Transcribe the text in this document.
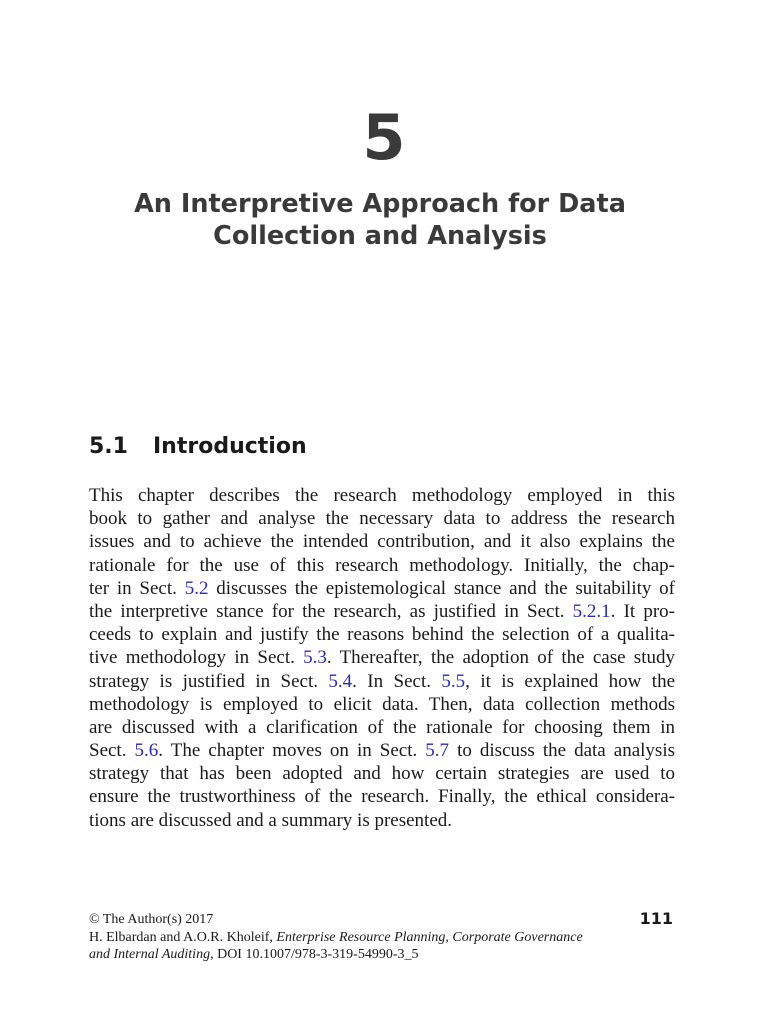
5
An Interpretive Approach for Data
Collection and Analysis
5.1 Introduction
This chapter describes the research methodology employed in this
book to gather and analyse the necessary data to address the research
issues and to achieve the intended contribution, and it also explains the
rationale for the use of this research methodology. Initially, the chap-
ter in Sect. 5.2 discusses the epistemological stance and the suitability of
the interpretive stance for the research, as justified in Sect. 5.2.1. It pro-
ceeds to explain and justify the reasons behind the selection of a qualita-
tive methodology in Sect. 5.3. Thereafter, the adoption of the case study
strategy is justified in Sect. 5.4. In Sect. 5.5, it is explained how the
methodology is employed to elicit data. Then, data collection methods
are discussed with a clarification of the rationale for choosing them in
Sect. 5.6. The chapter moves on in Sect. 5.7 to discuss the data analysis
strategy that has been adopted and how certain strategies are used to
ensure the trustworthiness of the research. Finally, the ethical considera-
tions are discussed and a summary is presented.
© The Author(s) 2017
H. Elbardan and A.O.R. Kholeif, Enterprise Resource Planning, Corporate Governance
and Internal Auditing, DOI 10.1007/978-3-319-54990-3_5
111
